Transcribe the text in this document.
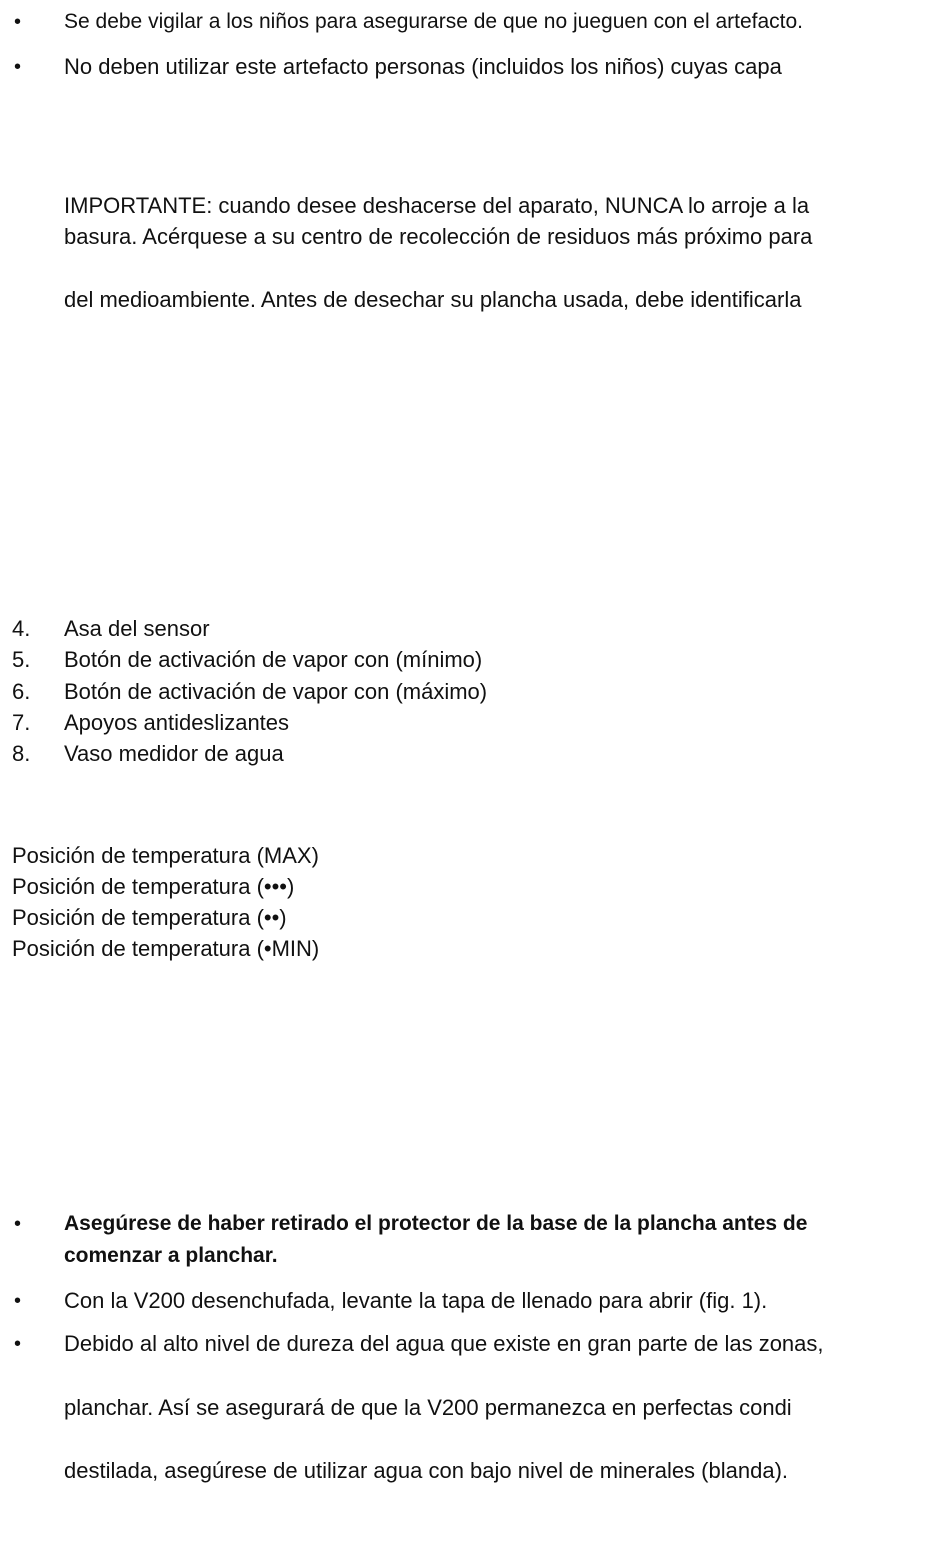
• Se debe vigilar a los niños para asegurarse de que no jueguen con el artefacto.
• No deben utilizar este artefacto personas (incluidos los niños) cuyas capa
IMPORTANTE: cuando desee deshacerse del aparato, NUNCA lo arroje a la
basura. Acérquese a su centro de recolección de residuos más próximo para
del medioambiente. Antes de desechar su plancha usada, debe identificarla
4. Asa del sensor
5. Botón de activación de vapor con (mínimo)
6. Botón de activación de vapor con (máximo)
7. Apoyos antideslizantes
8. Vaso medidor de agua
Posición de temperatura (MAX)
Posición de temperatura (•••)
Posición de temperatura (••)
Posición de temperatura (•MIN)
• Asegúrese de haber retirado el protector de la base de la plancha antes de
comenzar a planchar.
• Con la V200 desenchufada, levante la tapa de llenado para abrir (fig. 1).
• Debido al alto nivel de dureza del agua que existe en gran parte de las zonas,
planchar. Así se asegurará de que la V200 permanezca en perfectas condi
destilada, asegúrese de utilizar agua con bajo nivel de minerales (blanda).
